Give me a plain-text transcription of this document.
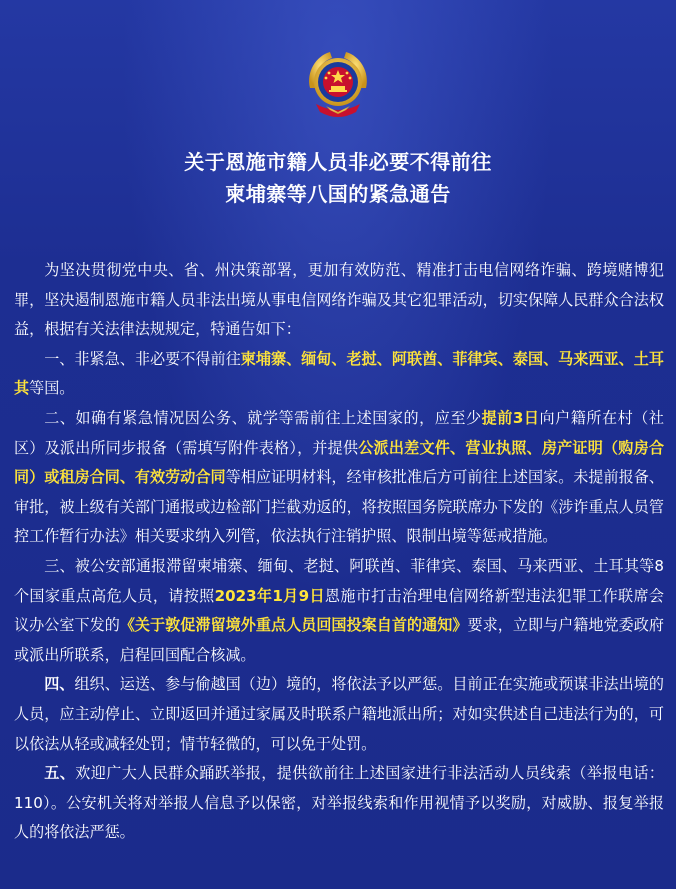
关于恩施市籍人员非必要不得前往
柬埔寨等八国的紧急通告

为坚决贯彻党中央、省、州决策部署，更加有效防范、精准打击电信网络诈骗、跨境赌博犯罪，坚决遏制恩施市籍人员非法出境从事电信网络诈骗及其它犯罪活动，切实保障人民群众合法权益，根据有关法律法规规定，特通告如下：

一、非紧急、非必要不得前往柬埔寨、缅甸、老挝、阿联酋、菲律宾、泰国、马来西亚、土耳其等国。

二、如确有紧急情况因公务、就学等需前往上述国家的，应至少提前3日向户籍所在村（社区）及派出所同步报备（需填写附件表格），并提供公派出差文件、营业执照、房产证明（购房合同）或租房合同、有效劳动合同等相应证明材料，经审核批准后方可前往上述国家。未提前报备、审批，被上级有关部门通报或边检部门拦截劝返的，将按照国务院联席办下发的《涉诈重点人员管控工作暂行办法》相关要求纳入列管，依法执行注销护照、限制出境等惩戒措施。

三、被公安部通报滞留柬埔寨、缅甸、老挝、阿联酋、菲律宾、泰国、马来西亚、土耳其等8个国家重点高危人员，请按照2023年1月9日恩施市打击治理电信网络新型违法犯罪工作联席会议办公室下发的《关于敦促滞留境外重点人员回国投案自首的通知》要求，立即与户籍地党委政府或派出所联系，启程回国配合核减。

四、组织、运送、参与偷越国（边）境的，将依法予以严惩。目前正在实施或预谋非法出境的人员，应主动停止、立即返回并通过家属及时联系户籍地派出所；对如实供述自己违法行为的，可以依法从轻或减轻处罚；情节轻微的，可以免于处罚。

五、欢迎广大人民群众踊跃举报，提供欲前往上述国家进行非法活动人员线索（举报电话：110）。公安机关将对举报人信息予以保密，对举报线索和作用视情予以奖励，对威胁、报复举报人的将依法严惩。
